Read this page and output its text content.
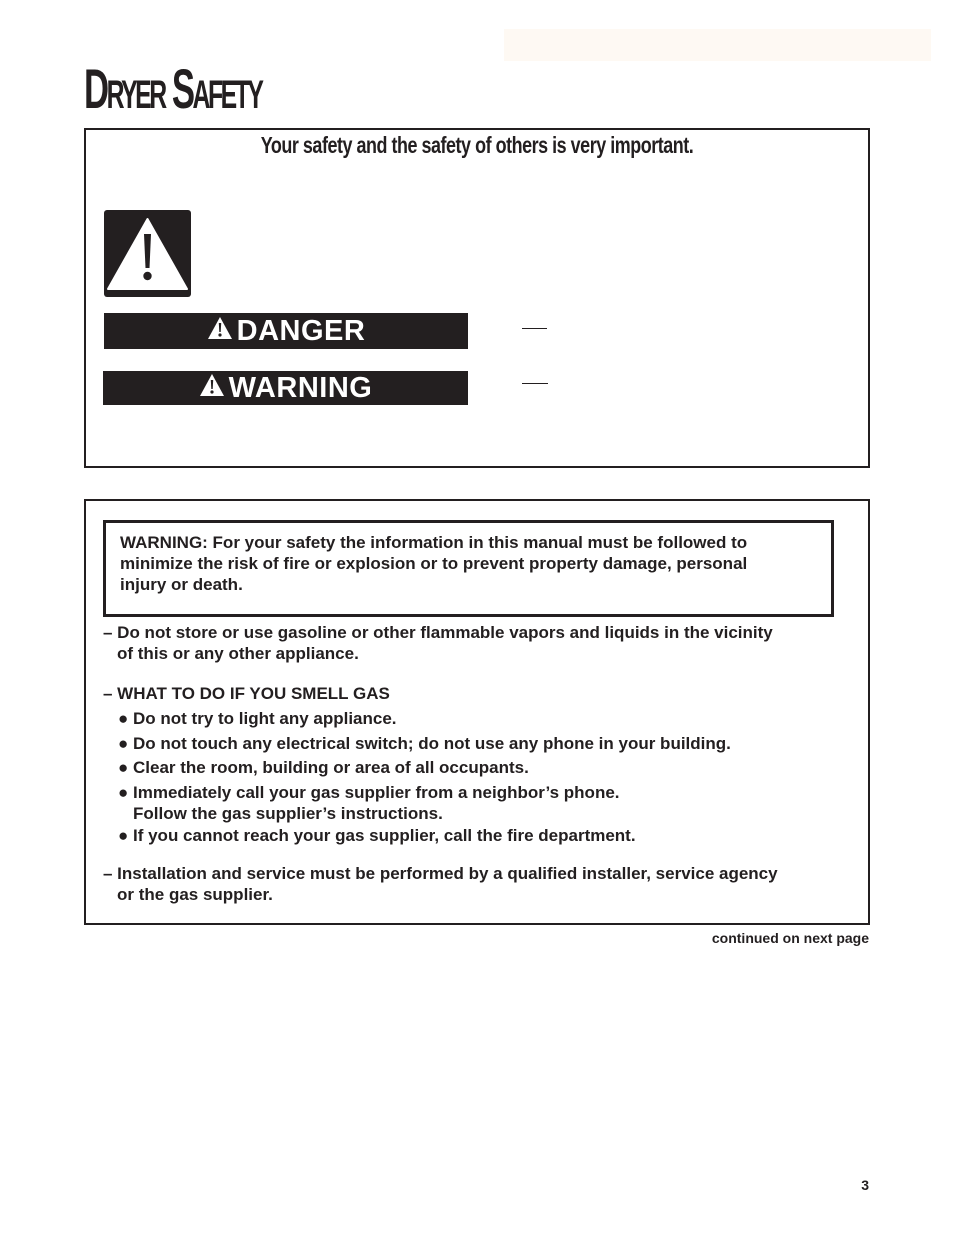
DRYER SAFETY
Your safety and the safety of others is very important.
DANGER
WARNING
WARNING: For your safety the information in this manual must be followed to
minimize the risk of fire or explosion or to prevent property damage, personal
injury or death.
– Do not store or use gasoline or other flammable vapors and liquids in the vicinity
of this or any other appliance.
– WHAT TO DO IF YOU SMELL GAS
● Do not try to light any appliance.
● Do not touch any electrical switch; do not use any phone in your building.
● Clear the room, building or area of all occupants.
● Immediately call your gas supplier from a neighbor’s phone.
Follow the gas supplier’s instructions.
● If you cannot reach your gas supplier, call the fire department.
– Installation and service must be performed by a qualified installer, service agency
or the gas supplier.
continued on next page
3
